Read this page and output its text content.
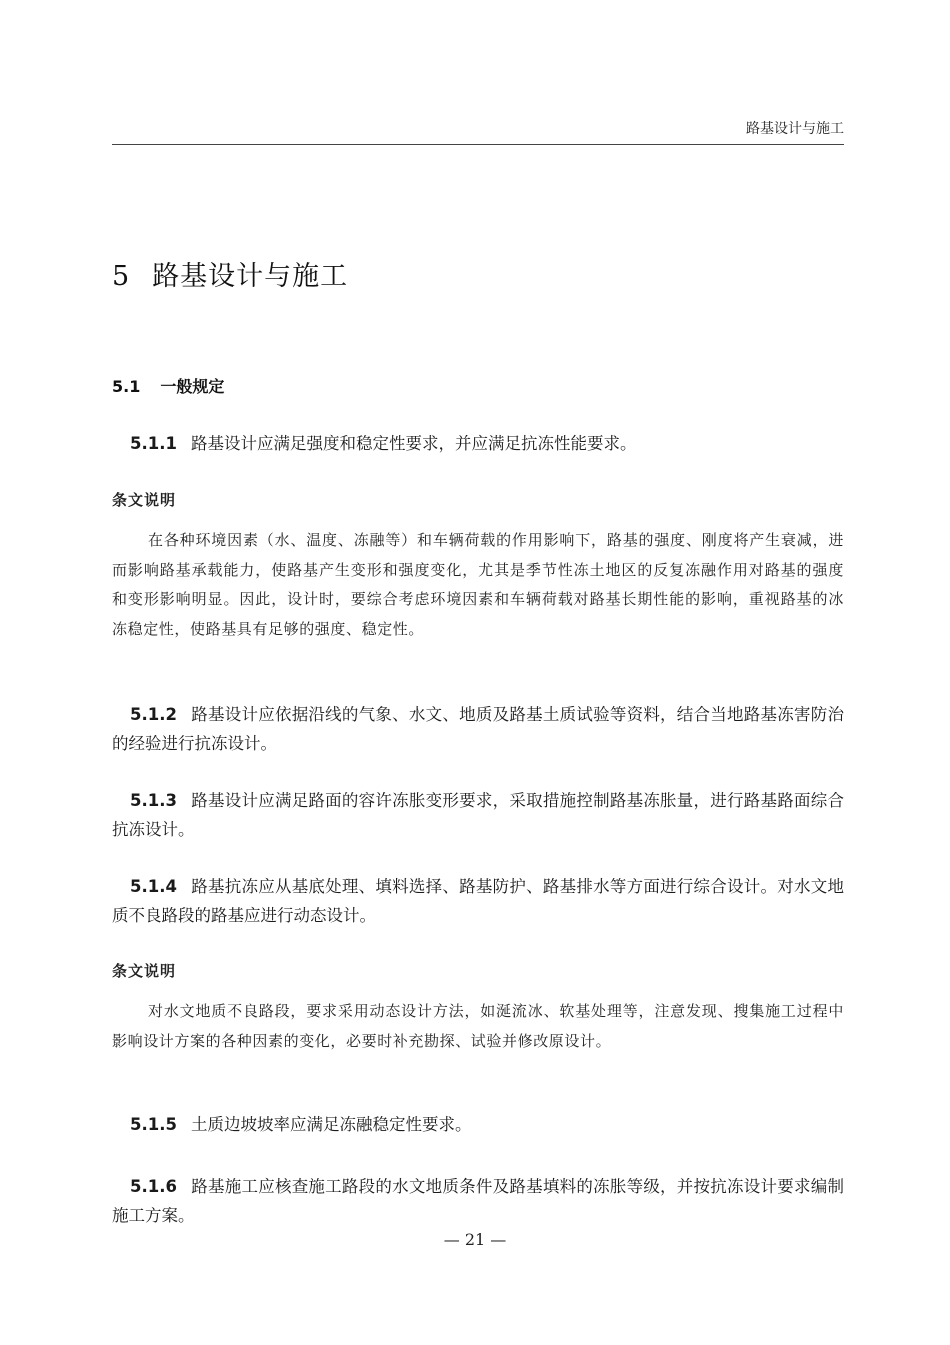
路基设计与施工
5 路基设计与施工
5.1 一般规定

5.1.1 路基设计应满足强度和稳定性要求，并应满足抗冻性能要求。

条文说明

在各种环境因素（水、温度、冻融等）和车辆荷载的作用影响下，路基的强度、刚度将产生衰减，进而影响路基承载能力，使路基产生变形和强度变化，尤其是季节性冻土地区的反复冻融作用对路基的强度和变形影响明显。因此，设计时，要综合考虑环境因素和车辆荷载对路基长期性能的影响，重视路基的冰冻稳定性，使路基具有足够的强度、稳定性。

5.1.2 路基设计应依据沿线的气象、水文、地质及路基土质试验等资料，结合当地路基冻害防治的经验进行抗冻设计。

5.1.3 路基设计应满足路面的容许冻胀变形要求，采取措施控制路基冻胀量，进行路基路面综合抗冻设计。

5.1.4 路基抗冻应从基底处理、填料选择、路基防护、路基排水等方面进行综合设计。对水文地质不良路段的路基应进行动态设计。

条文说明

对水文地质不良路段，要求采用动态设计方法，如涎流冰、软基处理等，注意发现、搜集施工过程中影响设计方案的各种因素的变化，必要时补充勘探、试验并修改原设计。

5.1.5 土质边坡坡率应满足冻融稳定性要求。

5.1.6 路基施工应核查施工路段的水文地质条件及路基填料的冻胀等级，并按抗冻设计要求编制施工方案。

— 21 —
